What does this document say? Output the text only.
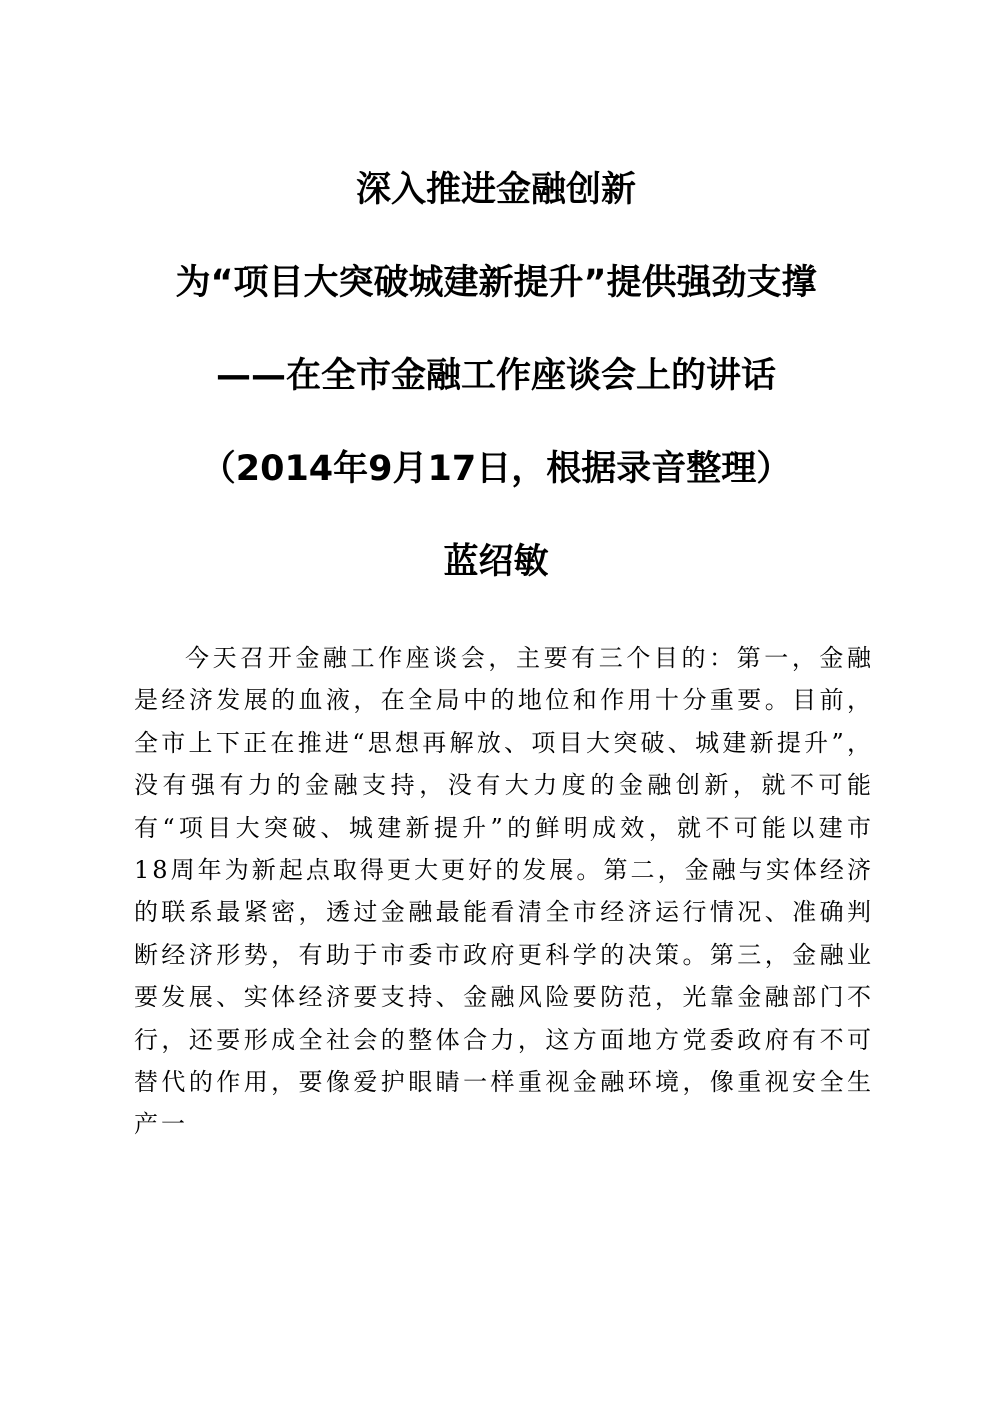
深入推进金融创新
为“项目大突破城建新提升”提供强劲支撑
——在全市金融工作座谈会上的讲话
（2014年9月17日，根据录音整理）
蓝绍敏

今天召开金融工作座谈会，主要有三个目的：第一，金融是经济发展的血液，在全局中的地位和作用十分重要。目前，全市上下正在推进“思想再解放、项目大突破、城建新提升”，没有强有力的金融支持，没有大力度的金融创新，就不可能有“项目大突破、城建新提升”的鲜明成效，就不可能以建市18周年为新起点取得更大更好的发展。第二，金融与实体经济的联系最紧密，透过金融最能看清全市经济运行情况、准确判断经济形势，有助于市委市政府更科学的决策。第三，金融业要发展、实体经济要支持、金融风险要防范，光靠金融部门不行，还要形成全社会的整体合力，这方面地方党委政府有不可替代的作用，要像爱护眼睛一样重视金融环境，像重视安全生产一
